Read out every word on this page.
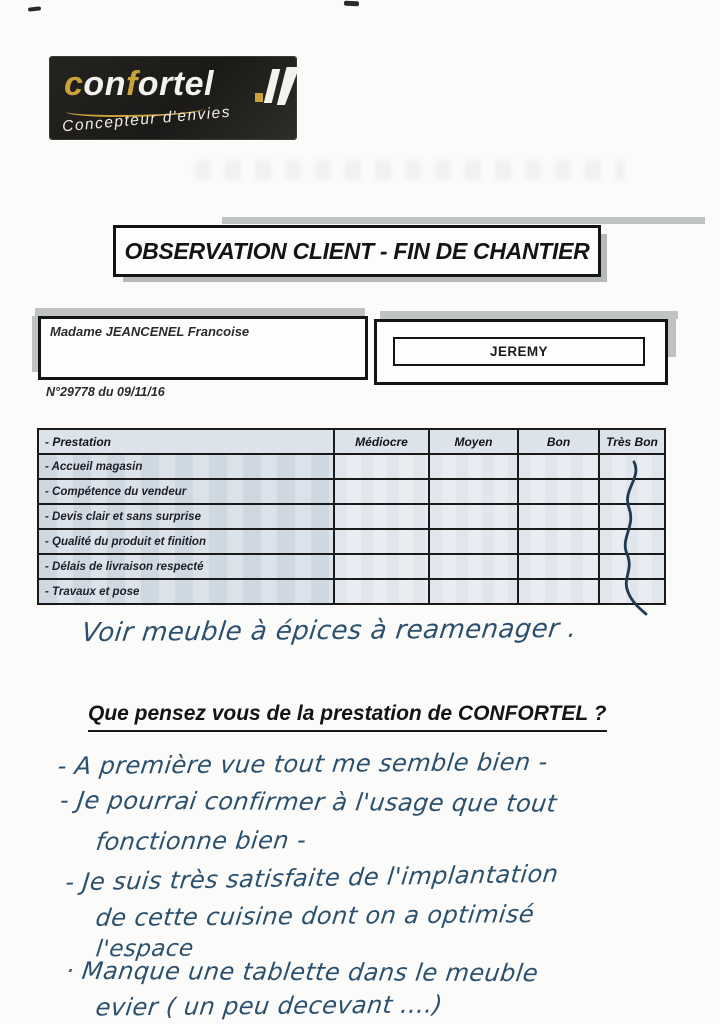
confortel
Concepteur d'envies
OBSERVATION CLIENT - FIN DE CHANTIER
Madame JEANCENEL Francoise
JEREMY
N°29778 du 09/11/16
- Prestation	Médiocre	Moyen	Bon	Très Bon
- Accueil magasin				
- Compétence du vendeur				
- Devis clair et sans surprise				
- Qualité du produit et finition				
- Délais de livraison respecté				
- Travaux et pose				
Voir meuble à épices à reamenager .
Que pensez vous de la prestation de CONFORTEL ?
- A première vue tout me semble bien -
- Je pourrai confirmer à l'usage que tout
fonctionne bien -
- Je suis très satisfaite de l'implantation
de cette cuisine dont on a optimisé
l'espace
· Manque une tablette dans le meuble
evier ( un peu decevant ....)
